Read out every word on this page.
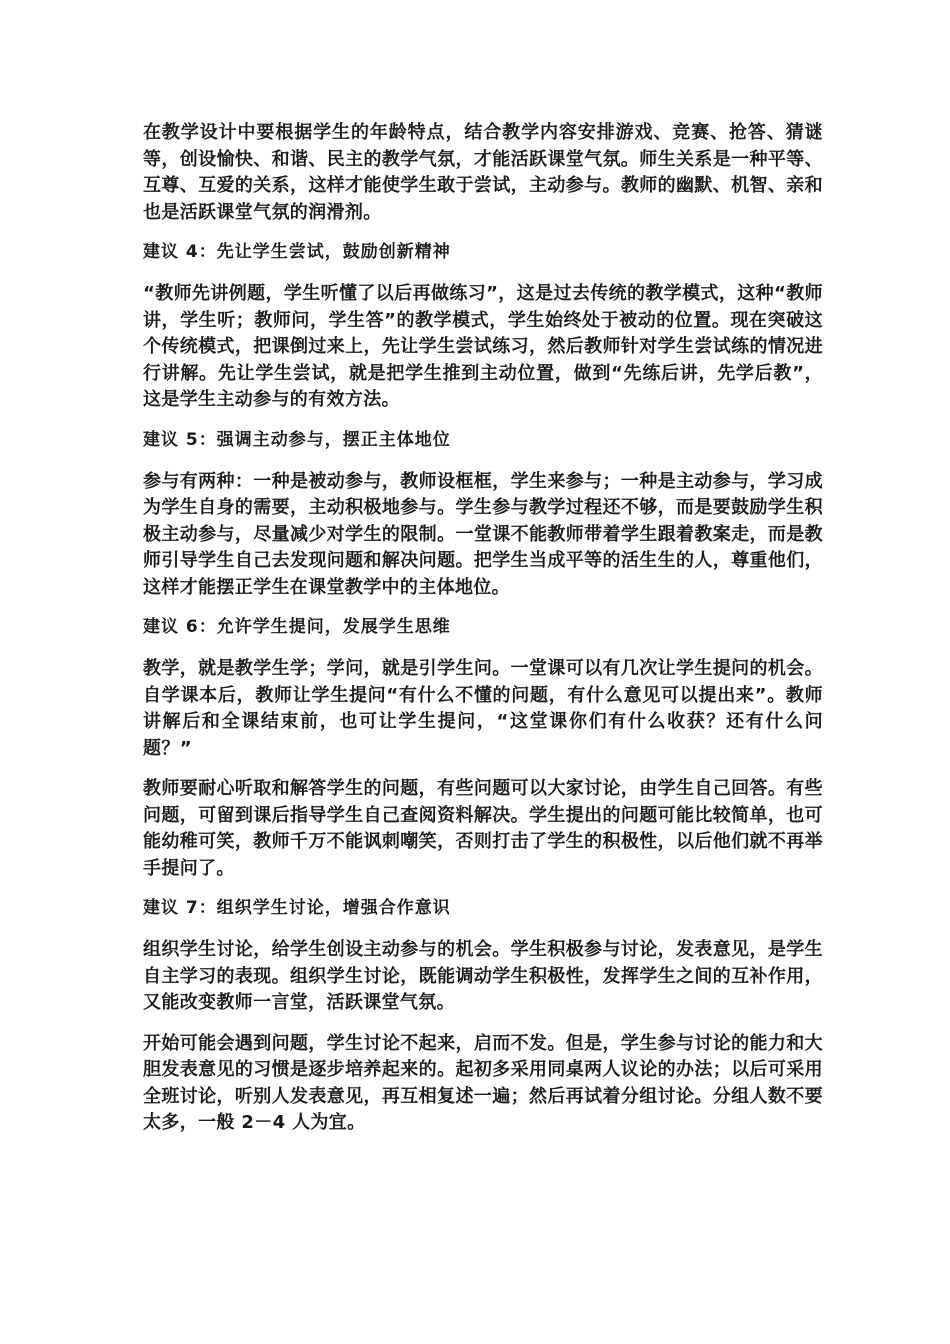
在教学设计中要根据学生的年龄特点，结合教学内容安排游戏、竞赛、抢答、猜谜等，创设愉快、和谐、民主的教学气氛，才能活跃课堂气氛。师生关系是一种平等、互尊、互爱的关系，这样才能使学生敢于尝试，主动参与。教师的幽默、机智、亲和也是活跃课堂气氛的润滑剂。

建议 4：先让学生尝试，鼓励创新精神

“教师先讲例题，学生听懂了以后再做练习”，这是过去传统的教学模式，这种“教师讲，学生听；教师问，学生答”的教学模式，学生始终处于被动的位置。现在突破这个传统模式，把课倒过来上，先让学生尝试练习，然后教师针对学生尝试练的情况进行讲解。先让学生尝试，就是把学生推到主动位置，做到“先练后讲，先学后教”，这是学生主动参与的有效方法。

建议 5：强调主动参与，摆正主体地位

参与有两种：一种是被动参与，教师设框框，学生来参与；一种是主动参与，学习成为学生自身的需要，主动积极地参与。学生参与教学过程还不够，而是要鼓励学生积极主动参与，尽量减少对学生的限制。一堂课不能教师带着学生跟着教案走，而是教师引导学生自己去发现问题和解决问题。把学生当成平等的活生生的人，尊重他们，这样才能摆正学生在课堂教学中的主体地位。

建议 6：允许学生提问，发展学生思维

教学，就是教学生学；学问，就是引学生问。一堂课可以有几次让学生提问的机会。自学课本后，教师让学生提问“有什么不懂的问题，有什么意见可以提出来”。教师讲解后和全课结束前，也可让学生提问，“这堂课你们有什么收获？还有什么问题？”

教师要耐心听取和解答学生的问题，有些问题可以大家讨论，由学生自己回答。有些问题，可留到课后指导学生自己查阅资料解决。学生提出的问题可能比较简单，也可能幼稚可笑，教师千万不能讽刺嘲笑，否则打击了学生的积极性，以后他们就不再举手提问了。

建议 7：组织学生讨论，增强合作意识

组织学生讨论，给学生创设主动参与的机会。学生积极参与讨论，发表意见，是学生自主学习的表现。组织学生讨论，既能调动学生积极性，发挥学生之间的互补作用，又能改变教师一言堂，活跃课堂气氛。

开始可能会遇到问题，学生讨论不起来，启而不发。但是，学生参与讨论的能力和大胆发表意见的习惯是逐步培养起来的。起初多采用同桌两人议论的办法；以后可采用全班讨论，听别人发表意见，再互相复述一遍；然后再试着分组讨论。分组人数不要太多，一般 2－4 人为宜。
